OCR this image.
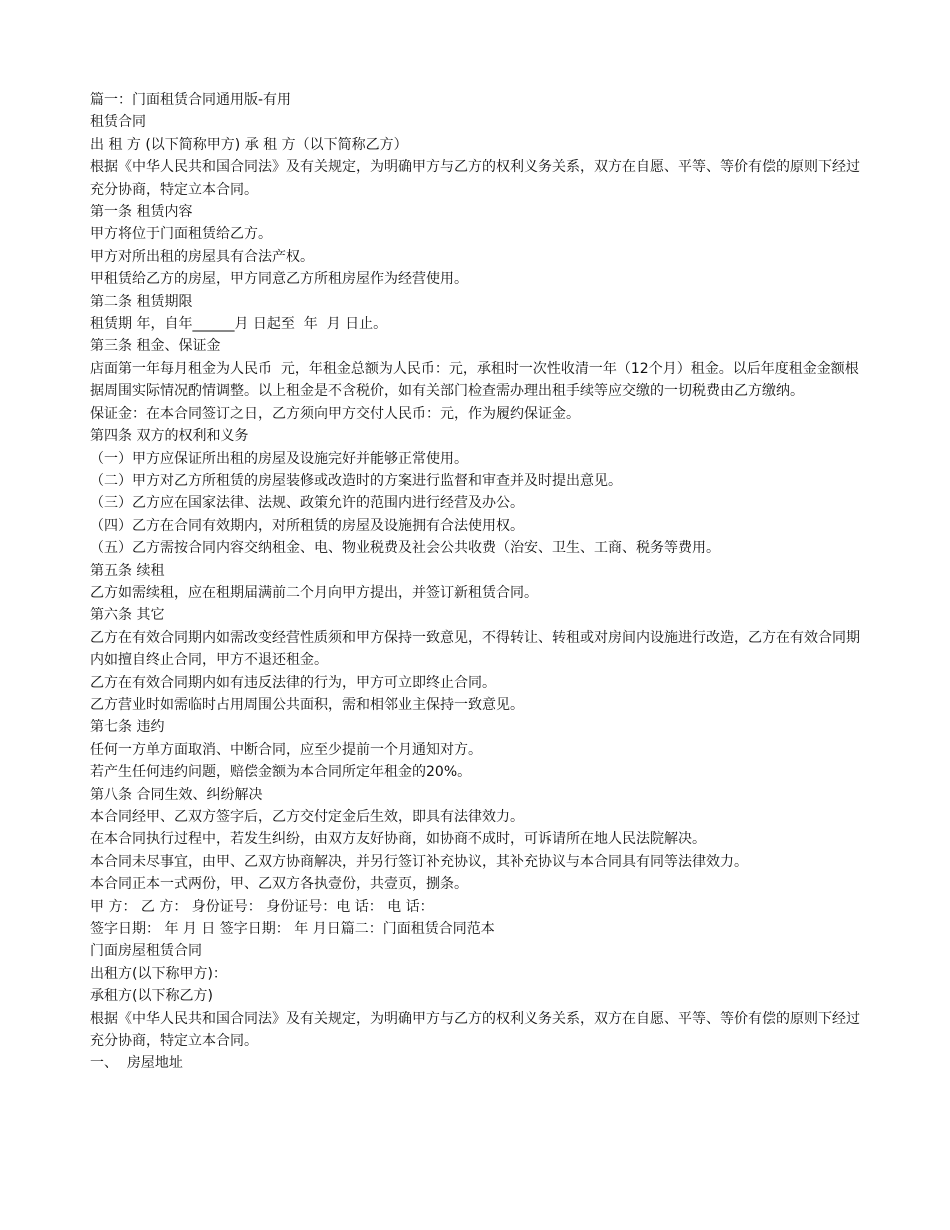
篇一：门面租赁合同通用版-有用

租赁合同

出 租 方 (以下简称甲方) 承 租 方（以下简称乙方）

根据《中华人民共和国合同法》及有关规定，为明确甲方与乙方的权利义务关系，双方在自愿、平等、等价有偿的原则下经过充分协商，特定立本合同。

第一条 租赁内容

甲方将位于门面租赁给乙方。

甲方对所出租的房屋具有合法产权。

甲租赁给乙方的房屋，甲方同意乙方所租房屋作为经营使用。

第二条 租赁期限

租赁期 年，自年______月 日起至  年  月 日止。

第三条 租金、保证金

店面第一年每月租金为人民币  元，年租金总额为人民币：元，承租时一次性收清一年（12个月）租金。以后年度租金金额根据周围实际情况酌情调整。以上租金是不含税价，如有关部门检查需办理出租手续等应交缴的一切税费由乙方缴纳。

保证金：在本合同签订之日，乙方须向甲方交付人民币：元，作为履约保证金。

第四条 双方的权利和义务

（一）甲方应保证所出租的房屋及设施完好并能够正常使用。

（二）甲方对乙方所租赁的房屋装修或改造时的方案进行监督和审查并及时提出意见。

（三）乙方应在国家法律、法规、政策允许的范围内进行经营及办公。

（四）乙方在合同有效期内，对所租赁的房屋及设施拥有合法使用权。

（五）乙方需按合同内容交纳租金、电、物业税费及社会公共收费（治安、卫生、工商、税务等费用。

第五条 续租

乙方如需续租，应在租期届满前二个月向甲方提出，并签订新租赁合同。

第六条 其它

乙方在有效合同期内如需改变经营性质须和甲方保持一致意见，不得转让、转租或对房间内设施进行改造，乙方在有效合同期内如擅自终止合同，甲方不退还租金。

乙方在有效合同期内如有违反法律的行为，甲方可立即终止合同。

乙方营业时如需临时占用周围公共面积，需和相邻业主保持一致意见。

第七条 违约

任何一方单方面取消、中断合同，应至少提前一个月通知对方。

若产生任何违约问题，赔偿金额为本合同所定年租金的20%。

第八条 合同生效、纠纷解决

本合同经甲、乙双方签字后，乙方交付定金后生效，即具有法律效力。

在本合同执行过程中，若发生纠纷，由双方友好协商，如协商不成时，可诉请所在地人民法院解决。

本合同未尽事宜，由甲、乙双方协商解决，并另行签订补充协议，其补充协议与本合同具有同等法律效力。

本合同正本一式两份，甲、乙双方各执壹份，共壹页，捌条。

甲 方： 乙 方： 身份证号： 身份证号：电 话： 电 话：

签字日期： 年 月 日 签字日期： 年 月日篇二：门面租赁合同范本

门面房屋租赁合同

出租方(以下称甲方)：

承租方(以下称乙方)

根据《中华人民共和国合同法》及有关规定，为明确甲方与乙方的权利义务关系，双方在自愿、平等、等价有偿的原则下经过充分协商，特定立本合同。

一、  房屋地址
